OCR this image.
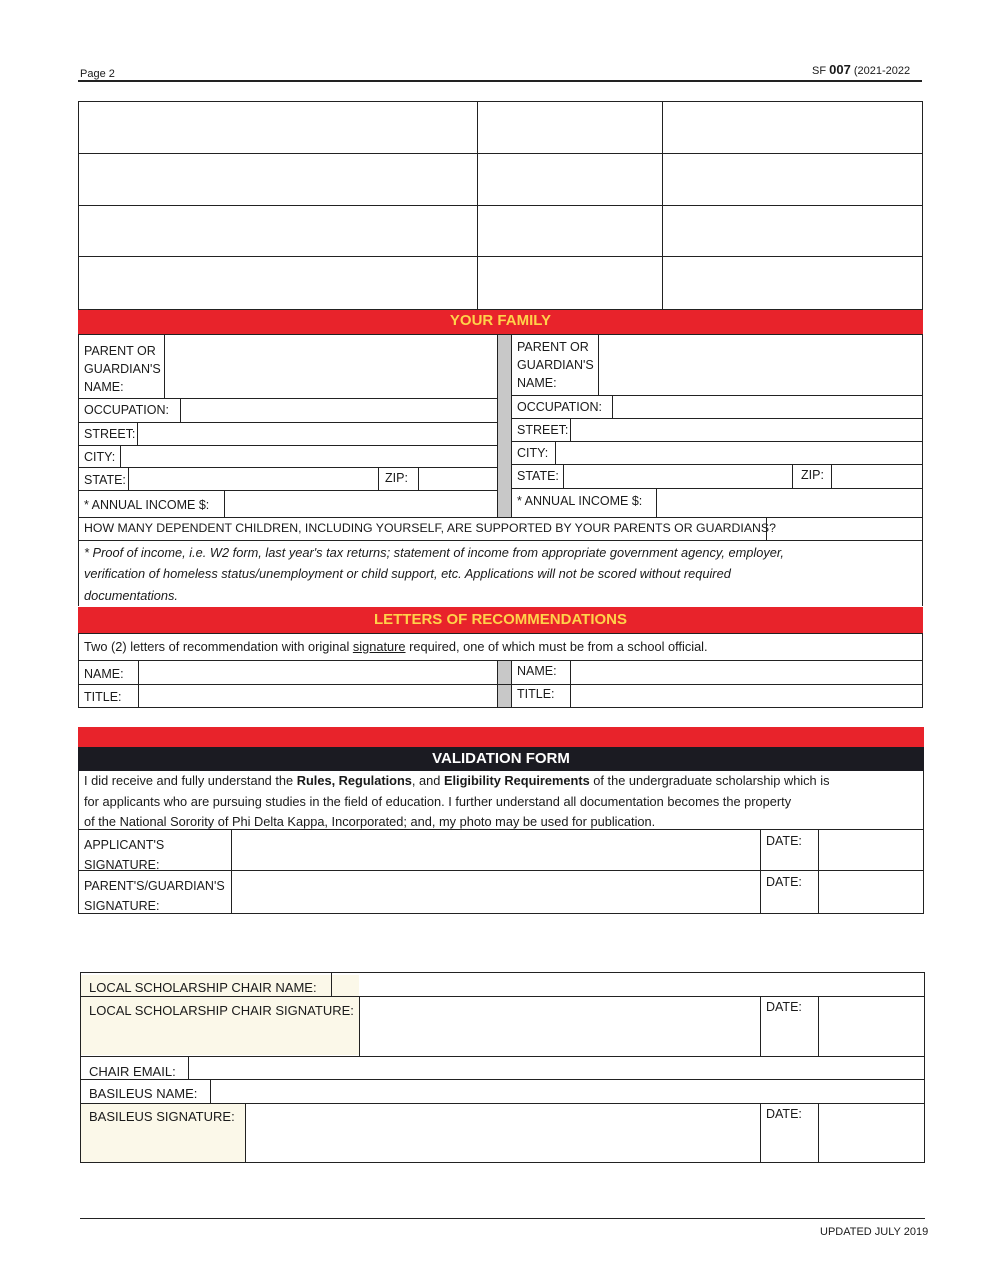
Page 2	SF 007 (2021-2022
YOUR FAMILY
PARENT OR
GUARDIAN'S
NAME:
OCCUPATION:
STREET:
CITY:
STATE:	ZIP:
* ANNUAL INCOME $:
PARENT OR
GUARDIAN'S
NAME:
OCCUPATION:
STREET:
CITY:
STATE:	ZIP:
* ANNUAL INCOME $:
HOW MANY DEPENDENT CHILDREN, INCLUDING YOURSELF, ARE SUPPORTED BY YOUR PARENTS OR GUARDIANS?
* Proof of income, i.e. W2 form, last year's tax returns; statement of income from appropriate government agency, employer,
verification of homeless status/unemployment or child support, etc. Applications will not be scored without required
documentations.
LETTERS OF RECOMMENDATIONS
Two (2) letters of recommendation with original signature required, one of which must be from a school official.
NAME:
TITLE:
NAME:
TITLE:
VALIDATION FORM
I did receive and fully understand the Rules, Regulations, and Eligibility Requirements of the undergraduate scholarship which is
for applicants who are pursuing studies in the field of education. I further understand all documentation becomes the property
of the National Sorority of Phi Delta Kappa, Incorporated; and, my photo may be used for publication.
APPLICANT'S
SIGNATURE:
DATE:
PARENT'S/GUARDIAN'S
SIGNATURE:
DATE:
LOCAL SCHOLARSHIP CHAIR NAME:
LOCAL SCHOLARSHIP CHAIR SIGNATURE:	DATE:
CHAIR EMAIL:
BASILEUS NAME:
BASILEUS SIGNATURE:	DATE:
UPDATED JULY 2019
